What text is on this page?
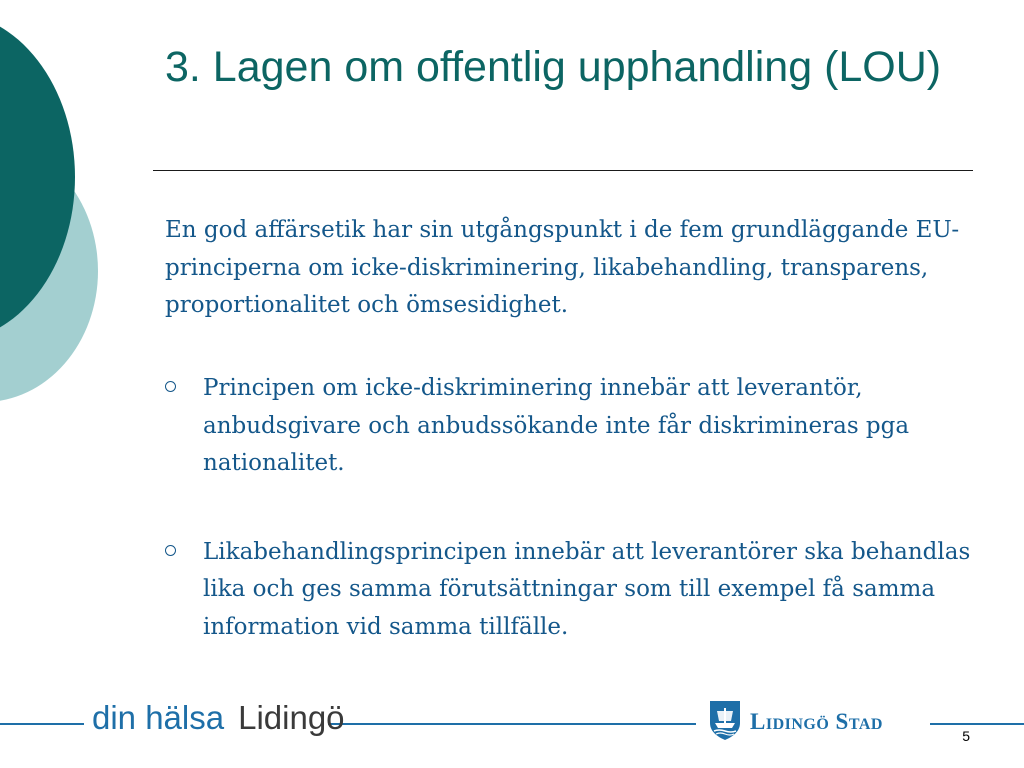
3. Lagen om offentlig upphandling (LOU)

En god affärsetik har sin utgångspunkt i de fem grundläggande EU-principerna om icke-diskriminering, likabehandling, transparens, proportionalitet och ömsesidighet.

Principen om icke-diskriminering innebär att leverantör, anbudsgivare och anbudssökande inte får diskrimineras pga nationalitet.
Likabehandlingsprincipen innebär att leverantörer ska behandlas lika och ges samma förutsättningar som till exempel få samma information vid samma tillfälle.
din hälsa Lidingö	Lidingö Stad
5
